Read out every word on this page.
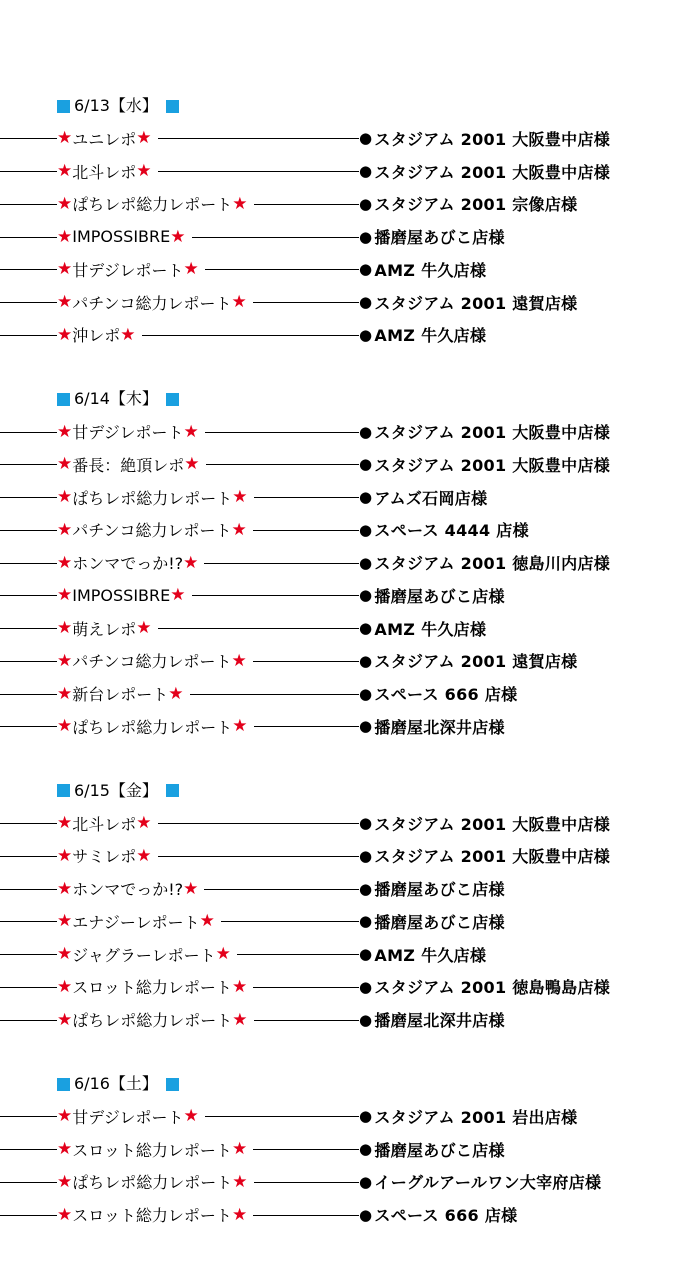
6/13【水】
★ ユニレポ ★	● スタジアム 2001 大阪豊中店様
★ 北斗レポ ★	● スタジアム 2001 大阪豊中店様
★ ぱちレポ総力レポート ★	● スタジアム 2001 宗像店様
★ IMPOSSIBRE ★	● 播磨屋あびこ店様
★ 甘デジレポート ★	● AMZ 牛久店様
★ パチンコ総力レポート ★	● スタジアム 2001 遠賀店様
★ 沖レポ ★	● AMZ 牛久店様
6/14【木】
★ 甘デジレポート ★	● スタジアム 2001 大阪豊中店様
★ 番長：絶頂レポ ★	● スタジアム 2001 大阪豊中店様
★ ぱちレポ総力レポート ★	● アムズ石岡店様
★ パチンコ総力レポート ★	● スペース 4444 店様
★ ホンマでっか!? ★	● スタジアム 2001 徳島川内店様
★ IMPOSSIBRE ★	● 播磨屋あびこ店様
★ 萌えレポ ★	● AMZ 牛久店様
★ パチンコ総力レポート ★	● スタジアム 2001 遠賀店様
★ 新台レポート ★	● スペース 666 店様
★ ぱちレポ総力レポート ★	● 播磨屋北深井店様
6/15【金】
★ 北斗レポ ★	● スタジアム 2001 大阪豊中店様
★ サミレポ ★	● スタジアム 2001 大阪豊中店様
★ ホンマでっか!? ★	● 播磨屋あびこ店様
★ エナジーレポート ★	● 播磨屋あびこ店様
★ ジャグラーレポート ★	● AMZ 牛久店様
★ スロット総力レポート ★	● スタジアム 2001 徳島鴨島店様
★ ぱちレポ総力レポート ★	● 播磨屋北深井店様
6/16【土】
★ 甘デジレポート ★	● スタジアム 2001 岩出店様
★ スロット総力レポート ★	● 播磨屋あびこ店様
★ ぱちレポ総力レポート ★	● イーグルアールワン大宰府店様
★ スロット総力レポート ★	● スペース 666 店様
